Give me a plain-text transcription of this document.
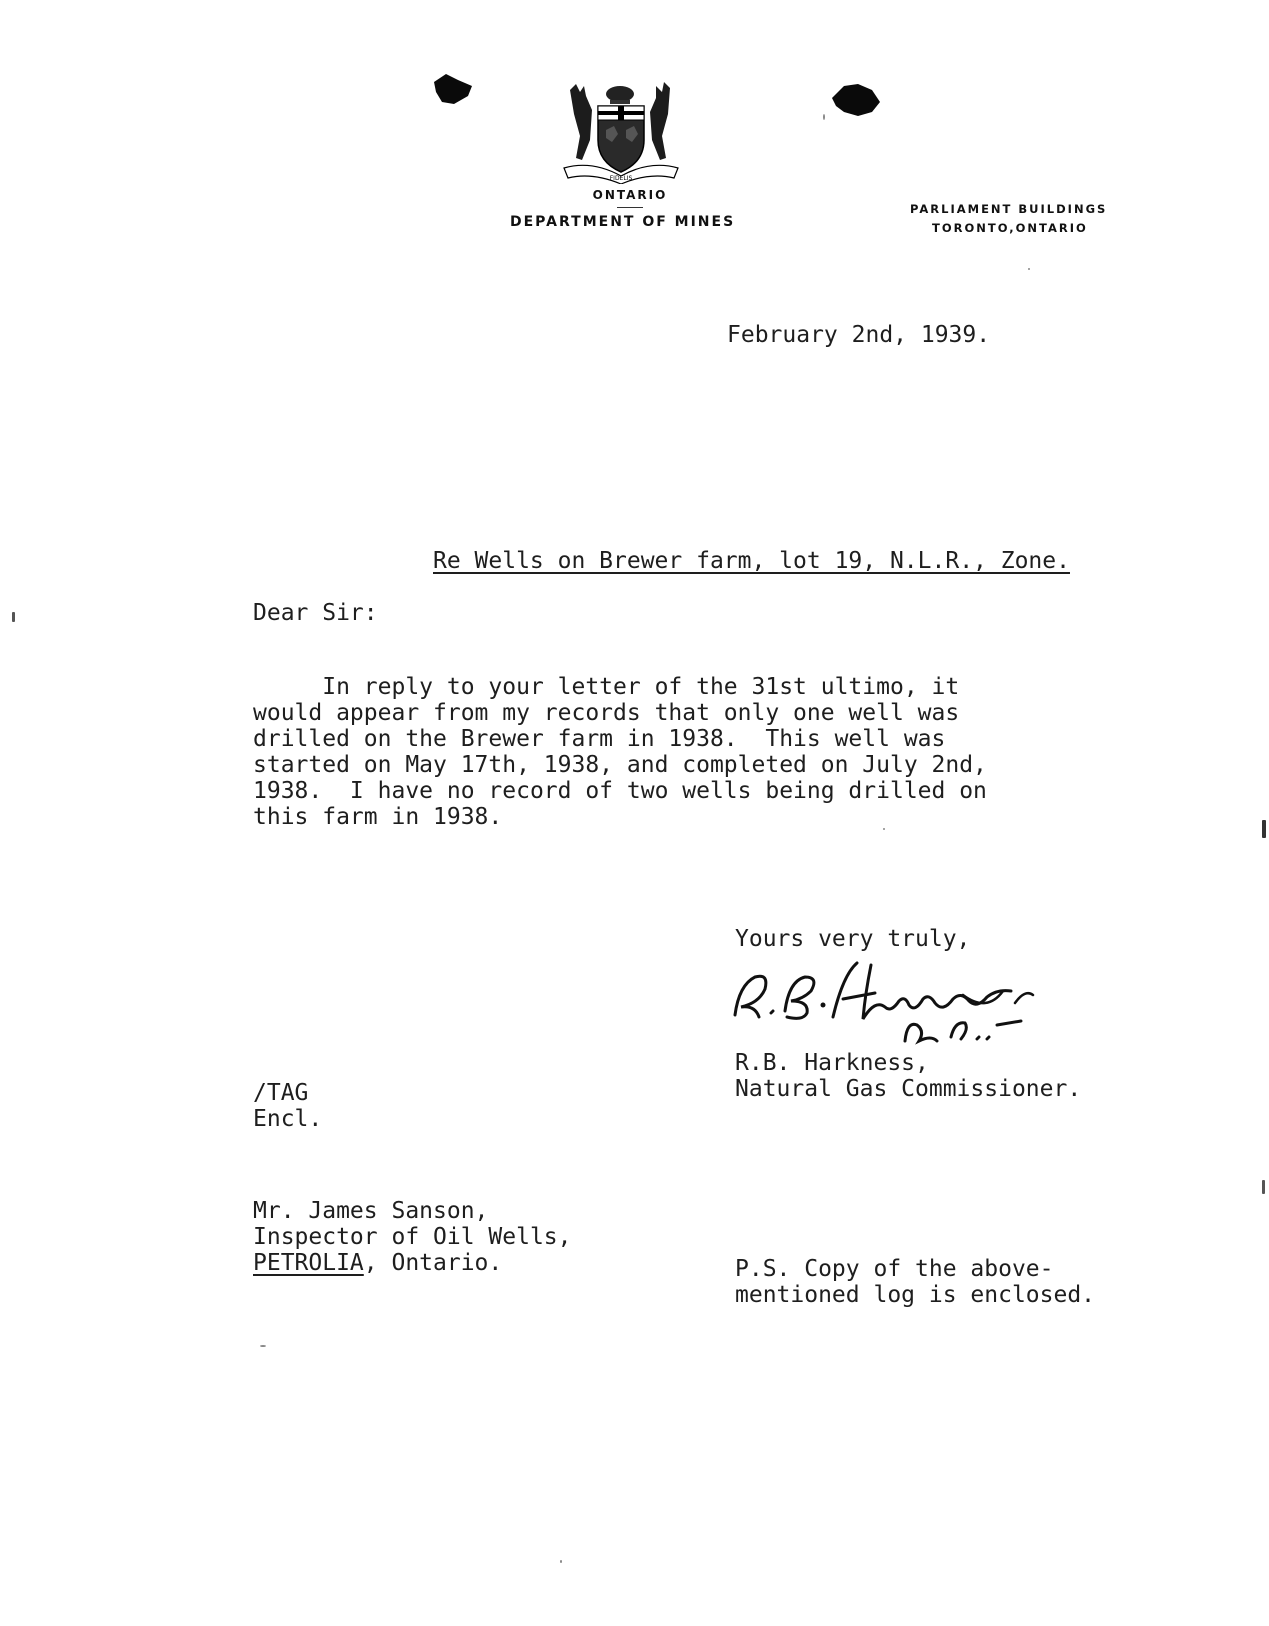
FIDELIS
ONTARIO
DEPARTMENT OF MINES
PARLIAMENT BUILDINGS
TORONTO,ONTARIO
February 2nd, 1939.
Re Wells on Brewer farm, lot 19, N.L.R., Zone.
Dear Sir:
In reply to your letter of the 31st ultimo, it
would appear from my records that only one well was
drilled on the Brewer farm in 1938.  This well was
started on May 17th, 1938, and completed on July 2nd,
1938.  I have no record of two wells being drilled on
this farm in 1938.
Yours very truly,
R.B. Harkness,
Natural Gas Commissioner.
/TAG
Encl.
Mr. James Sanson,
Inspector of Oil Wells,
PETROLIA, Ontario.	P.S. Copy of the above-
mentioned log is enclosed.
